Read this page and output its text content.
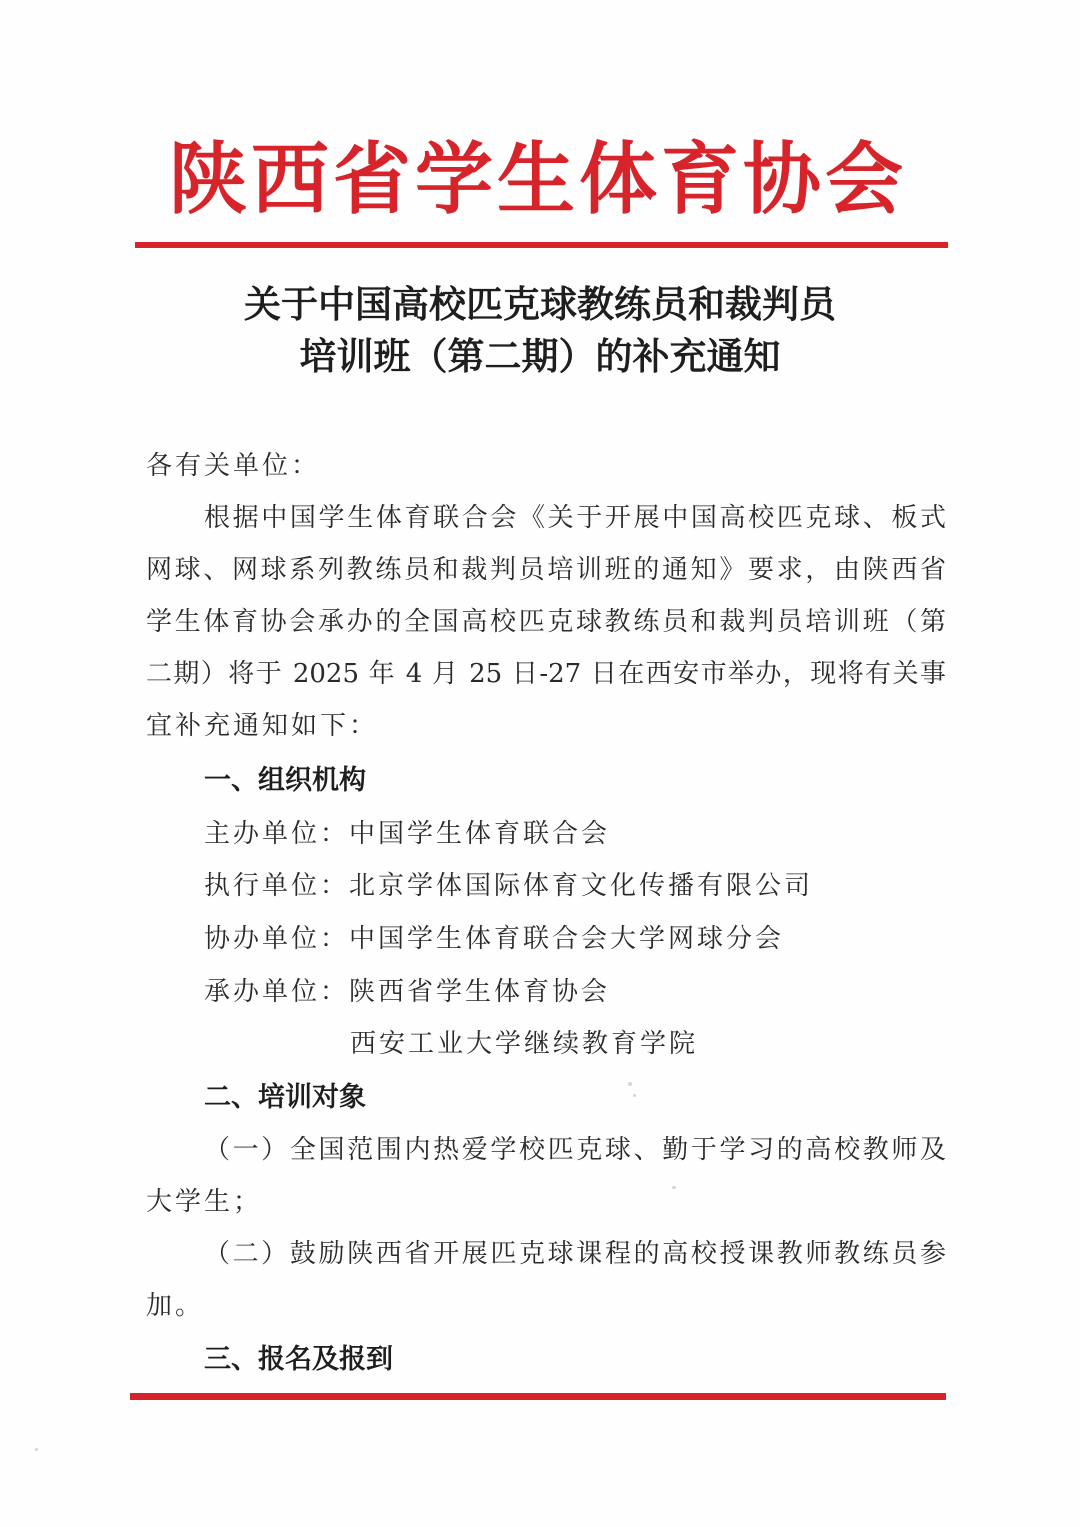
陕西省学生体育协会
关于中国高校匹克球教练员和裁判员
培训班（第二期）的补充通知
各有关单位：
根据中国学生体育联合会《关于开展中国高校匹克球、板式
网球、网球系列教练员和裁判员培训班的通知》要求，由陕西省
学生体育协会承办的全国高校匹克球教练员和裁判员培训班（第
二期）将于 2025 年 4 月 25 日-27 日在西安市举办，现将有关事
宜补充通知如下：
一、组织机构
主办单位：中国学生体育联合会
执行单位：北京学体国际体育文化传播有限公司
协办单位：中国学生体育联合会大学网球分会
承办单位：陕西省学生体育协会
西安工业大学继续教育学院
二、培训对象
（一）全国范围内热爱学校匹克球、勤于学习的高校教师及
大学生；
（二）鼓励陕西省开展匹克球课程的高校授课教师教练员参
加。
三、报名及报到
